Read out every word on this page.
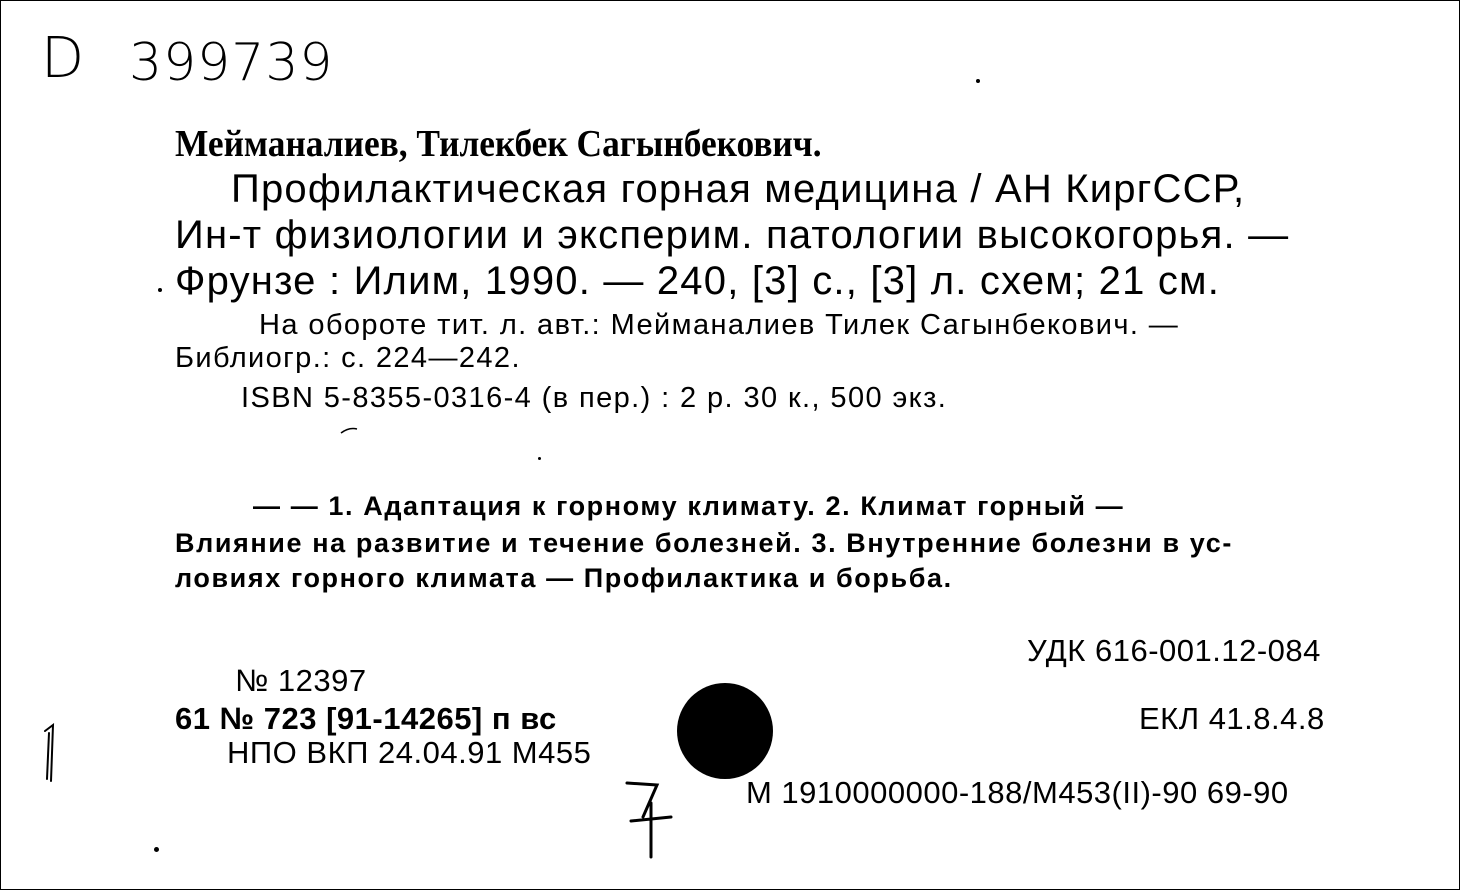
D 399739
Мейманалиев, Тилекбек Сагынбекович.
Профилактическая горная медицина / АН КиргССР,
Ин-т физиологии и эксперим. патологии высокогорья. —
Фрунзе : Илим, 1990. — 240, [3] с., [3] л. схем; 21 см.
На обороте тит. л. авт.: Мейманалиев Тилек Сагынбекович. —
Библиогр.: с. 224—242.
ISBN 5-8355-0316-4 (в пер.) : 2 р. 30 к., 500 экз.
— — 1. Адаптация к горному климату. 2. Климат горный —
Влияние на развитие и течение болезней. 3. Внутренние болезни в ус-
ловиях горного климата — Профилактика и борьба.
УДК 616-001.12-084
ЕКЛ 41.8.4.8
М 1910000000-188/М453(II)-90 69-90
№ 12397
61 № 723 [91-14265] п вс
НПО ВКП 24.04.91 М455
